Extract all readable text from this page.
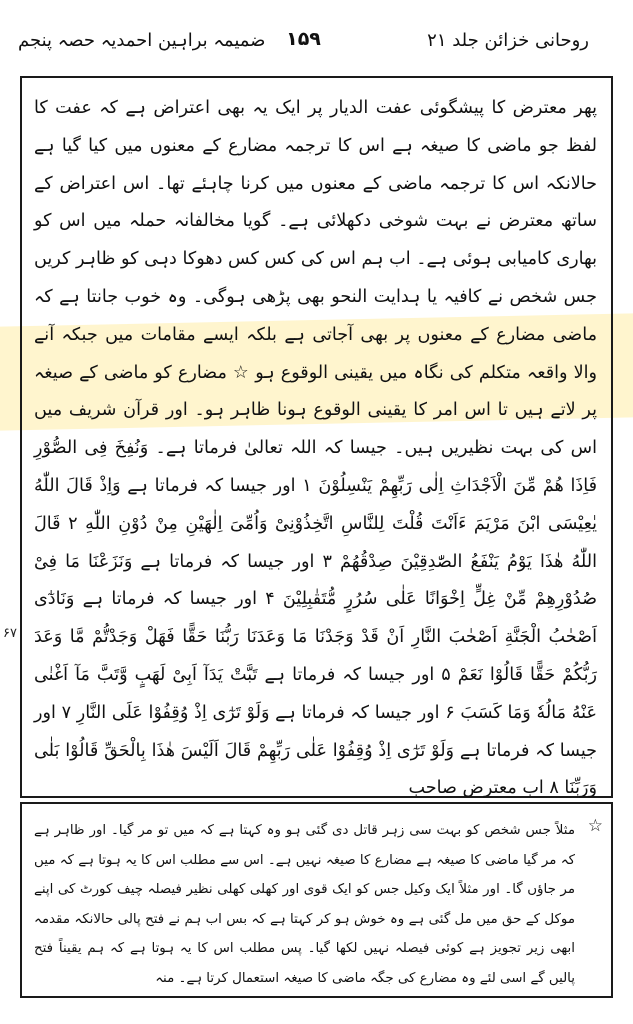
روحانی خزائن جلد ۲۱
۱۵۹
ضمیمہ براہین احمدیہ حصہ پنجم

پھر معترض کا پیشگوئی عفت الدیار پر ایک یہ بھی اعتراض ہے کہ عفت کا لفظ جو ماضی کا صیغہ ہے اس کا ترجمہ مضارع کے معنوں میں کیا گیا ہے حالانکہ اس کا ترجمہ ماضی کے معنوں میں کرنا چاہئے تھا۔ اس اعتراض کے ساتھ معترض نے بہت شوخی دکھلائی ہے۔ گویا مخالفانہ حملہ میں اس کو بھاری کامیابی ہوئی ہے۔ اب ہم اس کی کس کس دھوکا دہی کو ظاہر کریں جس شخص نے کافیہ یا ہدایت النحو بھی پڑھی ہوگی۔ وہ خوب جانتا ہے کہ ماضی مضارع کے معنوں پر بھی آجاتی ہے بلکہ ایسے مقامات میں جبکہ آنے والا واقعہ متکلم کی نگاہ میں یقینی الوقوع ہو ☆ مضارع کو ماضی کے صیغہ پر لاتے ہیں تا اس امر کا یقینی الوقوع ہونا ظاہر ہو۔ اور قرآن شریف میں اس کی بہت نظیریں ہیں۔ جیسا کہ اللہ تعالیٰ فرماتا ہے۔ وَنُفِخَ فِی الصُّوْرِ فَاِذَا ھُمْ مِّنَ الْاَجْدَاثِ اِلٰی رَبِّهِمْ یَنْسِلُوْنَ ۱ اور جیسا کہ فرماتا ہے وَاِذْ قَالَ اللّٰهُ یٰعِیْسَی ابْنَ مَرْیَمَ ءَاَنْتَ قُلْتَ لِلنَّاسِ اتَّخِذُوْنِیْ وَاُمِّیَ اِلٰهَیْنِ مِنْ دُوْنِ اللّٰهِ ۲ قَالَ اللّٰهُ هٰذَا یَوْمُ یَنْفَعُ الصّٰدِقِیْنَ صِدْقُهُمْ ۳ اور جیسا کہ فرماتا ہے وَنَزَعْنَا مَا فِیْ صُدُوْرِهِمْ مِّنْ غِلٍّ اِخْوَانًا عَلٰی سُرُرٍ مُّتَقٰبِلِیْنَ ۴ اور جیسا کہ فرماتا ہے وَنَادٰٓی اَصْحٰبُ الْجَنَّةِ اَصْحٰبَ النَّارِ اَنْ قَدْ وَجَدْنَا مَا وَعَدَنَا رَبُّنَا حَقًّا فَهَلْ وَجَدْتُّمْ مَّا وَعَدَ رَبُّكُمْ حَقًّا قَالُوْا نَعَمْ ۵ اور جیسا کہ فرماتا ہے تَبَّتْ یَدَآ اَبِیْ لَهَبٍ وَّتَبَّ مَآ اَغْنٰی عَنْهُ مَالُهٗ وَمَا كَسَبَ ۶ اور جیسا کہ فرماتا ہے وَلَوْ تَرٰٓی اِذْ وُقِفُوْا عَلَی النَّارِ ۷ اور جیسا کہ فرماتا ہے وَلَوْ تَرٰٓی اِذْ وُقِفُوْا عَلٰی رَبِّهِمْ قَالَ اَلَیْسَ هٰذَا بِالْحَقِّ قَالُوْا بَلٰی وَرَبِّنَا ۸ اب معترض صاحب

۶۷
☆
مثلاً جس شخص کو بہت سی زہر قاتل دی گئی ہو وہ کہتا ہے کہ میں تو مر گیا۔ اور ظاہر ہے کہ مر گیا ماضی کا صیغہ ہے مضارع کا صیغہ نہیں ہے۔ اس سے مطلب اس کا یہ ہوتا ہے کہ میں مر جاؤں گا۔ اور مثلاً ایک وکیل جس کو ایک قوی اور کھلی کھلی نظیر فیصلہ چیف کورٹ کی اپنے موکل کے حق میں مل گئی ہے وہ خوش ہو کر کہتا ہے کہ بس اب ہم نے فتح پالی حالانکہ مقدمہ ابھی زیر تجویز ہے کوئی فیصلہ نہیں لکھا گیا۔ پس مطلب اس کا یہ ہوتا ہے کہ ہم یقیناً فتح پالیں گے اسی لئے وہ مضارع کی جگہ ماضی کا صیغہ استعمال کرتا ہے۔ منہ
